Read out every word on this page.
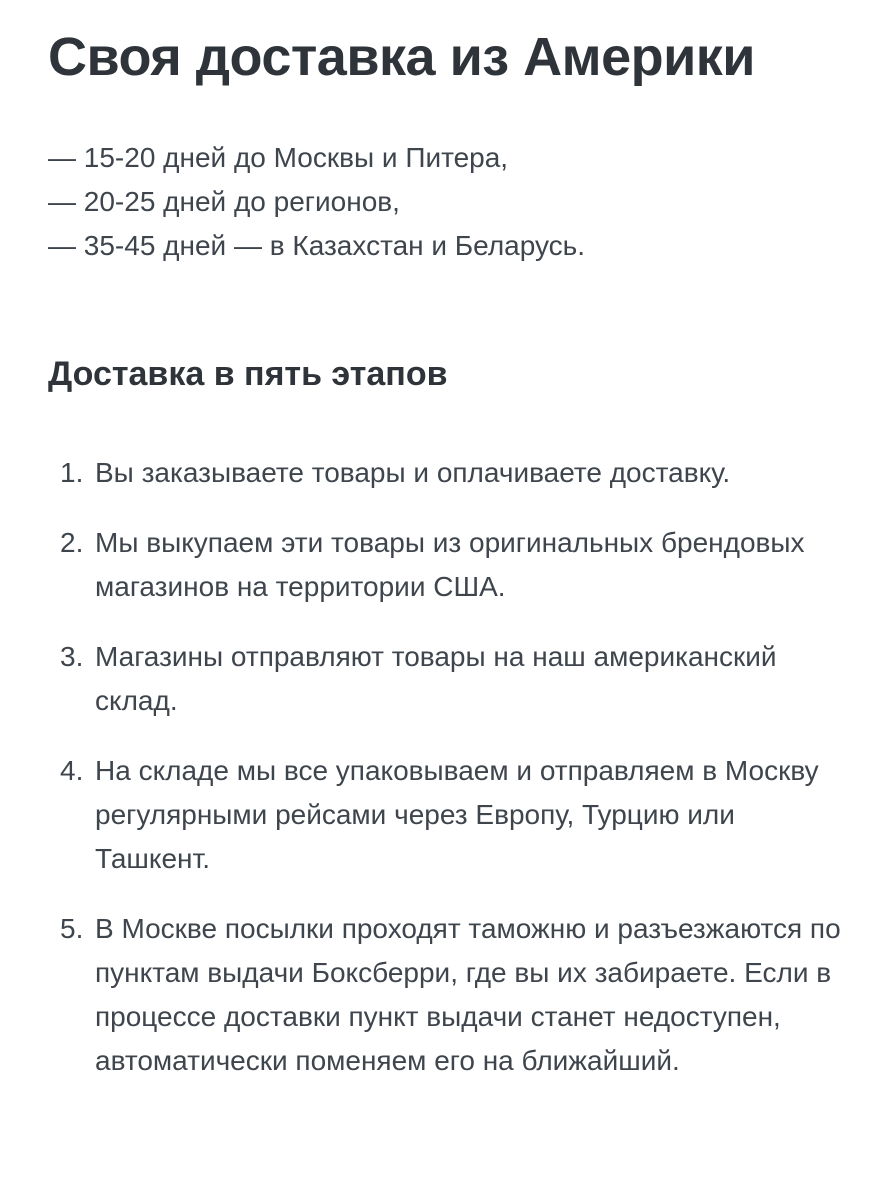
Своя доставка из Америки

— 15-20 дней до Москвы и Питера,

— 20-25 дней до регионов,

— 35-45 дней — в Казахстан и Беларусь.

Доставка в пять этапов
1. Вы заказываете товары и оплачиваете доставку.
2. Мы выкупаем эти товары из оригинальных брендовых магазинов на территории США.
3. Магазины отправляют товары на наш американский склад.
4. На складе мы все упаковываем и отправляем в Москву регулярными рейсами через Европу, Турцию или Ташкент.
5. В Москве посылки проходят таможню и разъезжаются по пунктам выдачи Боксберри, где вы их забираете. Если в процессе доставки пункт выдачи станет недоступен, автоматически поменяем его на ближайший.
